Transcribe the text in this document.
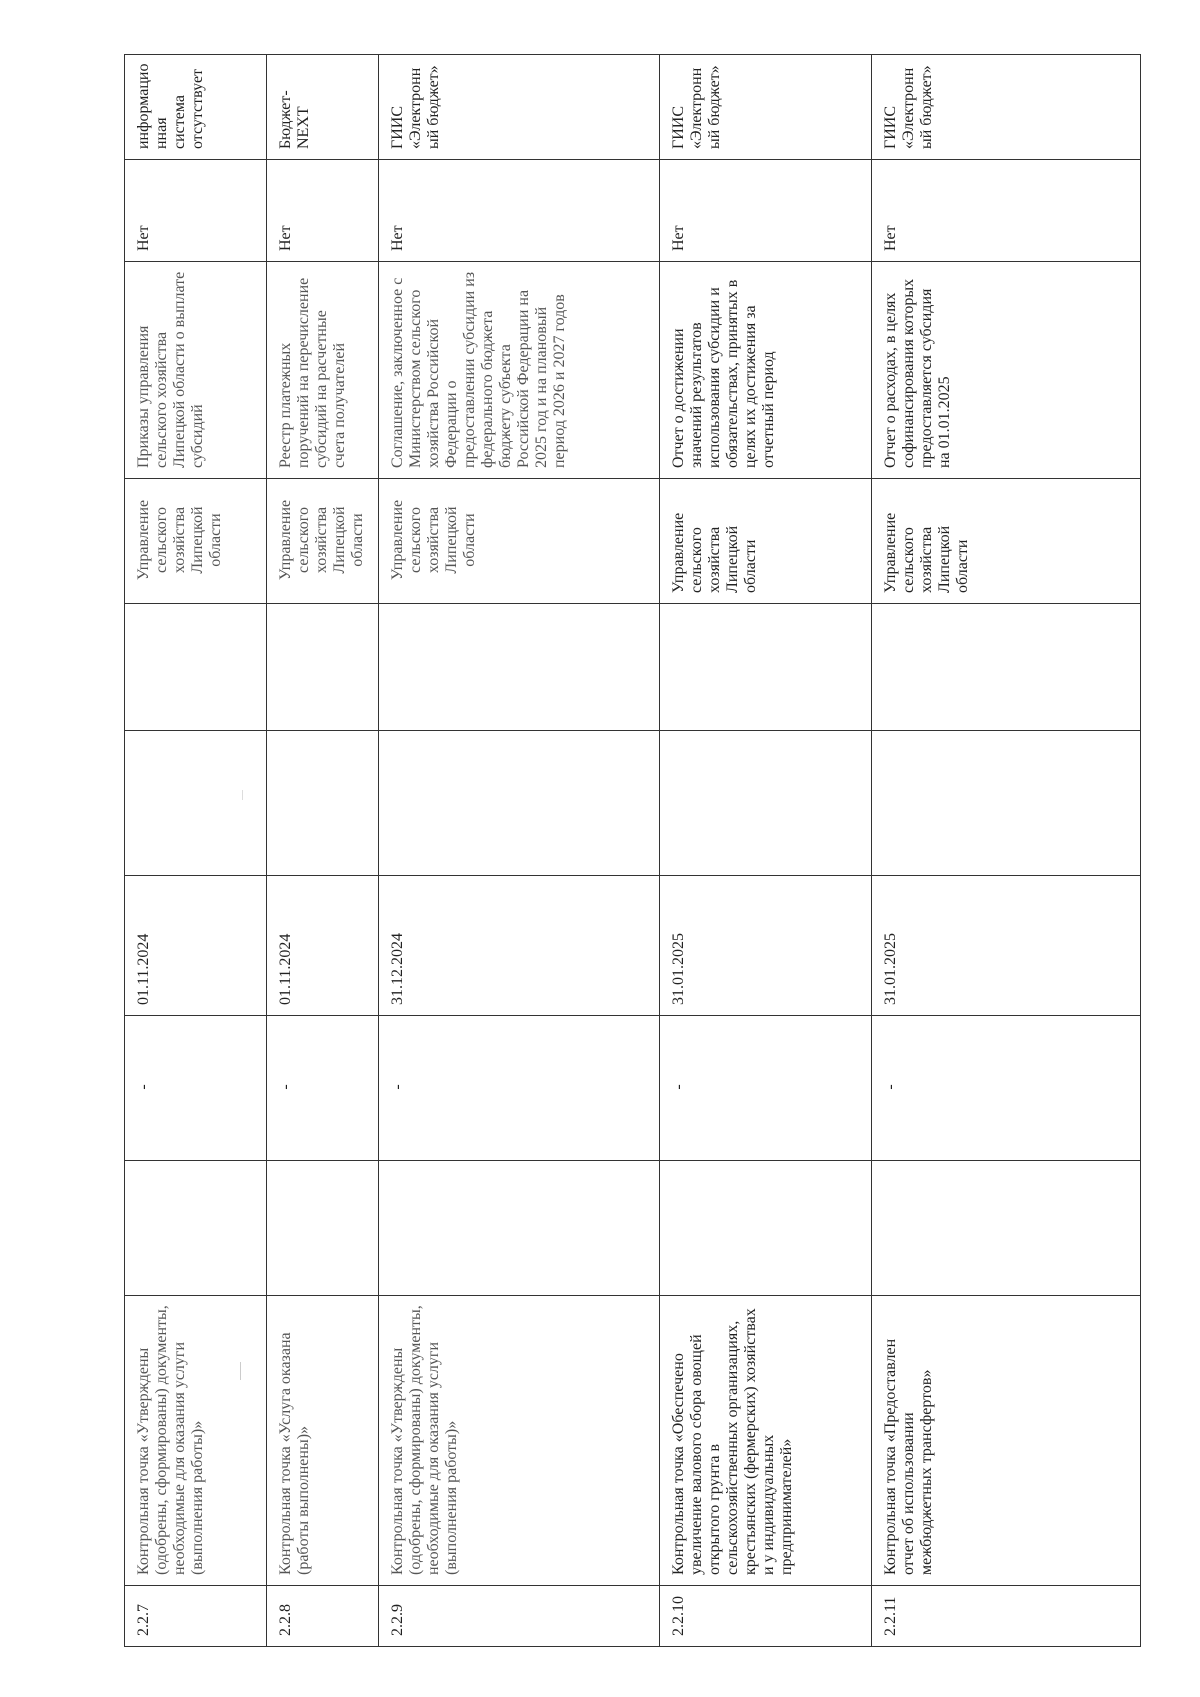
2.2.7	Контрольная точка «Утверждены (одобрены, сформированы) документы, необходимые для оказания услуги (выполнения работы)»		-	01.11.2024			Управление сельского хозяйства Липецкой области	Приказы управления сельского хозяйства Липецкой области о выплате субсидий	Нет	информационная система отсутствует
2.2.8	Контрольная точка «Услуга оказана (работы выполнены)»		-	01.11.2024			Управление сельского хозяйства Липецкой области	Реестр платежных поручений на перечисление субсидий на расчетные счета получателей	Нет	Бюджет-NEXT
2.2.9	Контрольная точка «Утверждены (одобрены, сформированы) документы, необходимые для оказания услуги (выполнения работы)»		-	31.12.2024			Управление сельского хозяйства Липецкой области	Соглашение, заключенное с Министерством сельского хозяйства Российской Федерации о предоставлении субсидии из федерального бюджета бюджету субъекта Российской Федерации на 2025 год и на плановый период 2026 и 2027 годов	Нет	ГИИС «Электронный бюджет»
2.2.10	Контрольная точка «Обеспечено увеличение валового сбора овощей открытого грунта в сельскохозяйственных организациях, крестьянских (фермерских) хозяйствах и у индивидуальных предпринимателей»		-	31.01.2025			Управление сельского хозяйства Липецкой области	Отчет о достижении значений результатов использования субсидии и обязательствах, принятых в целях их достижения за отчетный период	Нет	ГИИС «Электронный бюджет»
2.2.11	Контрольная точка «Предоставлен отчет об использовании межбюджетных трансфертов»		-	31.01.2025			Управление сельского хозяйства Липецкой области	Отчет о расходах, в целях софинансирования которых предоставляется субсидия на 01.01.2025	Нет	ГИИС «Электронный бюджет»
